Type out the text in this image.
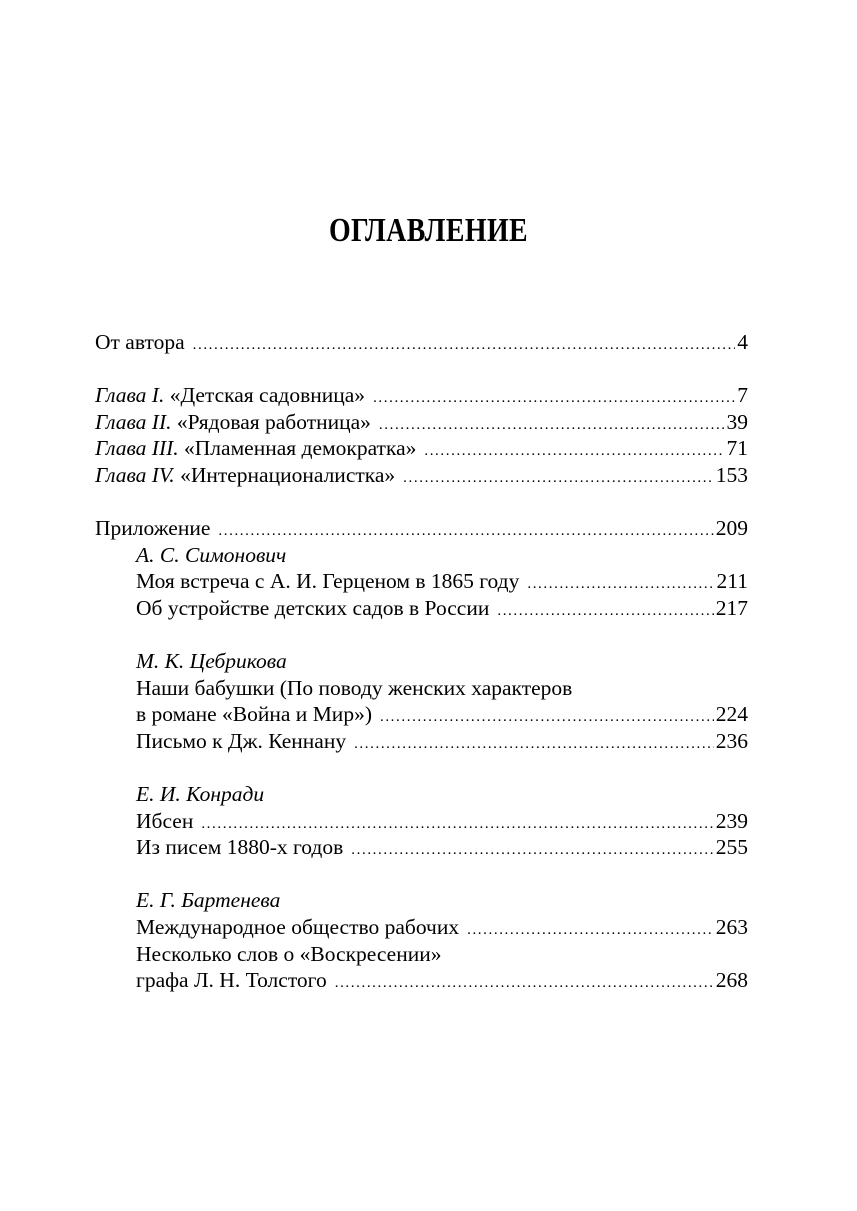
ОГЛАВЛЕНИЕ
От автора .....	4
Глава I. «Детская садовница» .....	7
Глава II. «Рядовая работница» .....	39
Глава III. «Пламенная демократка» .....	71
Глава IV. «Интернационалистка» .....	153
Приложение .....	209
А. С. Симонович
Моя встреча с А. И. Герценом в 1865 году .....	211
Об устройстве детских садов в России .....	217
М. К. Цебрикова
Наши бабушки (По поводу женских характеров
в романе «Война и Мир») .....	224
Письмо к Дж. Кеннану .....	236
Е. И. Конради
Ибсен .....	239
Из писем 1880-х годов .....	255
Е. Г. Бартенева
Международное общество рабочих .....	263
Несколько слов о «Воскресении»
графа Л. Н. Толстого .....	268
